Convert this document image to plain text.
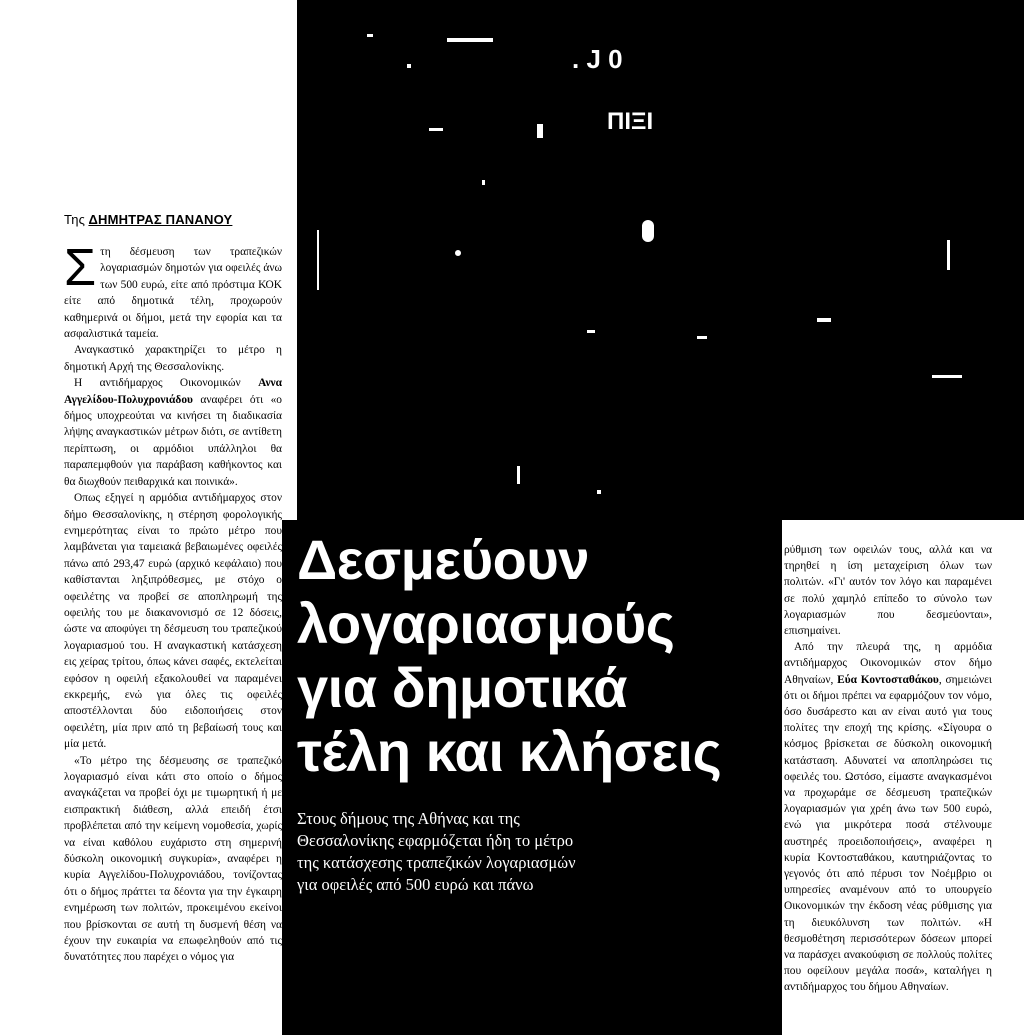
. J 0
ΠΙΞΙ
Της ΔΗΜΗΤΡΑΣ ΠΑΝΑΝΟΥ

Στη δέσμευση των τραπεζικών λογαριασμών δημοτών για οφειλές άνω των 500 ευρώ, είτε από πρόστιμα ΚΟΚ είτε από δημοτικά τέλη, προχωρούν καθημερινά οι δήμοι, μετά την εφορία και τα ασφαλιστικά ταμεία.

Αναγκαστικό χαρακτηρίζει το μέτρο η δημοτική Αρχή της Θεσσαλονίκης.

Η αντιδήμαρχος Οικονομικών Αννα Αγγελίδου-Πολυχρονιάδου αναφέρει ότι «ο δήμος υποχρεούται να κινήσει τη διαδικασία λήψης αναγκαστικών μέτρων διότι, σε αντίθετη περίπτωση, οι αρμόδιοι υπάλληλοι θα παραπεμφθούν για παράβαση καθήκοντος και θα διωχθούν πειθαρχικά και ποινικά».

Οπως εξηγεί η αρμόδια αντιδήμαρχος στον δήμο Θεσσαλονίκης, η στέρηση φορολογικής ενημερότητας είναι το πρώτο μέτρο που λαμβάνεται για ταμειακά βεβαιωμένες οφειλές πάνω από 293,47 ευρώ (αρχικό κεφάλαιο) που καθίστανται ληξιπρόθεσμες, με στόχο ο οφειλέτης να προβεί σε αποπληρωμή της οφειλής του με διακανονισμό σε 12 δόσεις, ώστε να αποφύγει τη δέσμευση του τραπεζικού λογαριασμού του. Η αναγκαστική κατάσχεση εις χείρας τρίτου, όπως κάνει σαφές, εκτελείται εφόσον η οφειλή εξακολουθεί να παραμένει εκκρεμής, ενώ για όλες τις οφειλές αποστέλλονται δύο ειδοποιήσεις στον οφειλέτη, μία πριν από τη βεβαίωσή τους και μία μετά.

«Το μέτρο της δέσμευσης σε τραπεζικό λογαριασμό είναι κάτι στο οποίο ο δήμος αναγκάζεται να προβεί όχι με τιμωρητική ή με εισπρακτική διάθεση, αλλά επειδή έτσι προβλέπεται από την κείμενη νομοθεσία, χωρίς να είναι καθόλου ευχάριστο στη σημερινή δύσκολη οικονομική συγκυρία», αναφέρει η κυρία Αγγελίδου-Πολυχρονιάδου, τονίζοντας ότι ο δήμος πράττει τα δέοντα για την έγκαιρη ενημέρωση των πολιτών, προκειμένου εκείνοι που βρίσκονται σε αυτή τη δυσμενή θέση να έχουν την ευκαιρία να επωφεληθούν από τις δυνατότητες που παρέχει ο νόμος για

Δεσμεύουν
λογαριασμούς
για δημοτικά
τέλη και κλήσεις
Στους δήμους της Αθήνας και της
Θεσσαλονίκης εφαρμόζεται ήδη το μέτρο
της κατάσχεσης τραπεζικών λογαριασμών
για οφειλές από 500 ευρώ και πάνω

ρύθμιση των οφειλών τους, αλλά και να τηρηθεί η ίση μεταχείριση όλων των πολιτών. «Γι' αυτόν τον λόγο και παραμένει σε πολύ χαμηλό επίπεδο το σύνολο των λογαριασμών που δεσμεύονται», επισημαίνει.

Από την πλευρά της, η αρμόδια αντιδήμαρχος Οικονομικών στον δήμο Αθηναίων, Εύα Κοντοσταθάκου, σημειώνει ότι οι δήμοι πρέπει να εφαρμόζουν τον νόμο, όσο δυσάρεστο και αν είναι αυτό για τους πολίτες την εποχή της κρίσης. «Σίγουρα ο κόσμος βρίσκεται σε δύσκολη οικονομική κατάσταση. Αδυνατεί να αποπληρώσει τις οφειλές του. Ωστόσο, είμαστε αναγκασμένοι να προχωράμε σε δέσμευση τραπεζικών λογαριασμών για χρέη άνω των 500 ευρώ, ενώ για μικρότερα ποσά στέλνουμε αυστηρές προειδοποιήσεις», αναφέρει η κυρία Κοντοσταθάκου, καυτηριάζοντας το γεγονός ότι από πέρυσι τον Νοέμβριο οι υπηρεσίες αναμένουν από το υπουργείο Οικονομικών την έκδοση νέας ρύθμισης για τη διευκόλυνση των πολιτών. «Η θεσμοθέτηση περισσότερων δόσεων μπορεί να παράσχει ανακούφιση σε πολλούς πολίτες που οφείλουν μεγάλα ποσά», καταλήγει η αντιδήμαρχος του δήμου Αθηναίων.
